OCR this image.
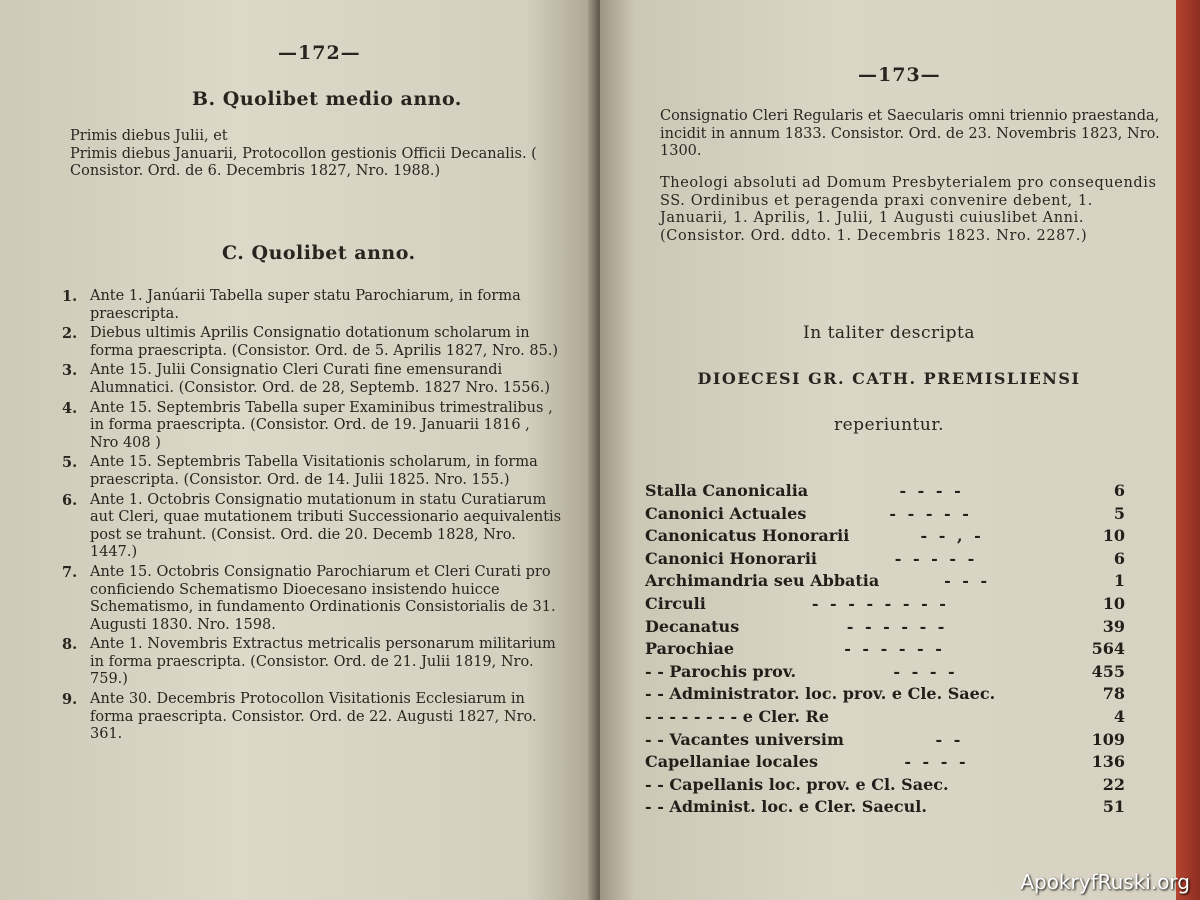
—172—
B. Quolibet medio anno.

Primis diebus Julii, et
Primis diebus Januarii, Protocollon gestionis Officii Decanalis. ( Consistor. Ord. de 6. Decembris 1827, Nro. 1988.)

C. Quolibet anno.
1. Ante 1. Janúarii Tabella super statu Parochiarum, in forma praescripta.
2. Diebus ultimis Aprilis Consignatio dotationum scholarum in forma praescripta. (Consistor. Ord. de 5. Aprilis 1827, Nro. 85.)
3. Ante 15. Julii Consignatio Cleri Curati fine emensurandi Alumnatici. (Consistor. Ord. de 28, Septemb. 1827 Nro. 1556.)
4. Ante 15. Septembris Tabella super Examinibus trimestralibus , in forma praescripta. (Consistor. Ord. de 19. Januarii 1816 , Nro 408 )
5. Ante 15. Septembris Tabella Visitationis scholarum, in forma praescripta. (Consistor. Ord. de 14. Julii 1825. Nro. 155.)
6. Ante 1. Octobris Consignatio mutationum in statu Curatiarum aut Cleri, quae mutationem tributi Successionario aequivalentis post se trahunt. (Consist. Ord. die 20. Decemb 1828, Nro. 1447.)
7. Ante 15. Octobris Consignatio Parochiarum et Cleri Curati pro conficiendo Schematismo Dioecesano insistendo huicce Schematismo, in fundamento Ordinationis Consistorialis de 31. Augusti 1830. Nro. 1598.
8. Ante 1. Novembris Extractus metricalis personarum militarium in forma praescripta. (Consistor. Ord. de 21. Julii 1819, Nro. 759.)
9. Ante 30. Decembris Protocollon Visitationis Ecclesiarum in forma praescripta. Consistor. Ord. de 22. Augusti 1827, Nro. 361.
—173—

Consignatio Cleri Regularis et Saecularis omni triennio praestanda, incidit in annum 1833. Consistor. Ord. de 23. Novembris 1823, Nro. 1300.

Theologi absoluti ad Domum Presbyterialem pro consequendis SS. Ordinibus et peragenda praxi convenire debent, 1. Januarii, 1. Aprilis, 1. Julii, 1 Augusti cuiuslibet Anni. (Consistor. Ord. ddto. 1. Decembris 1823. Nro. 2287.)

In taliter descripta
DIOECESI GR. CATH. PREMISLIENSI
reperiuntur.
Stalla Canonicalia	- - - -	6
Canonici Actuales	- - - - -	5
Canonicatus Honorarii	- - , -	10
Canonici Honorarii	- - - - -	6
Archimandria seu Abbatia	- - -	1
Circuli	- - - - - - - -	10
Decanatus	- - - - - -	39
Parochiae	- - - - - -	564
- - Parochis prov.	- - - -	455
- - Administrator. loc. prov. e Cle. Saec.	78
- - - - - - - - e Cler. Re	4
- - Vacantes universim	- -	109
Capellaniae locales	- - - -	136
- - Capellanis loc. prov. e Cl. Saec.	22
- - Administ. loc. e Cler. Saecul.	51
ApokryfRuski.org
